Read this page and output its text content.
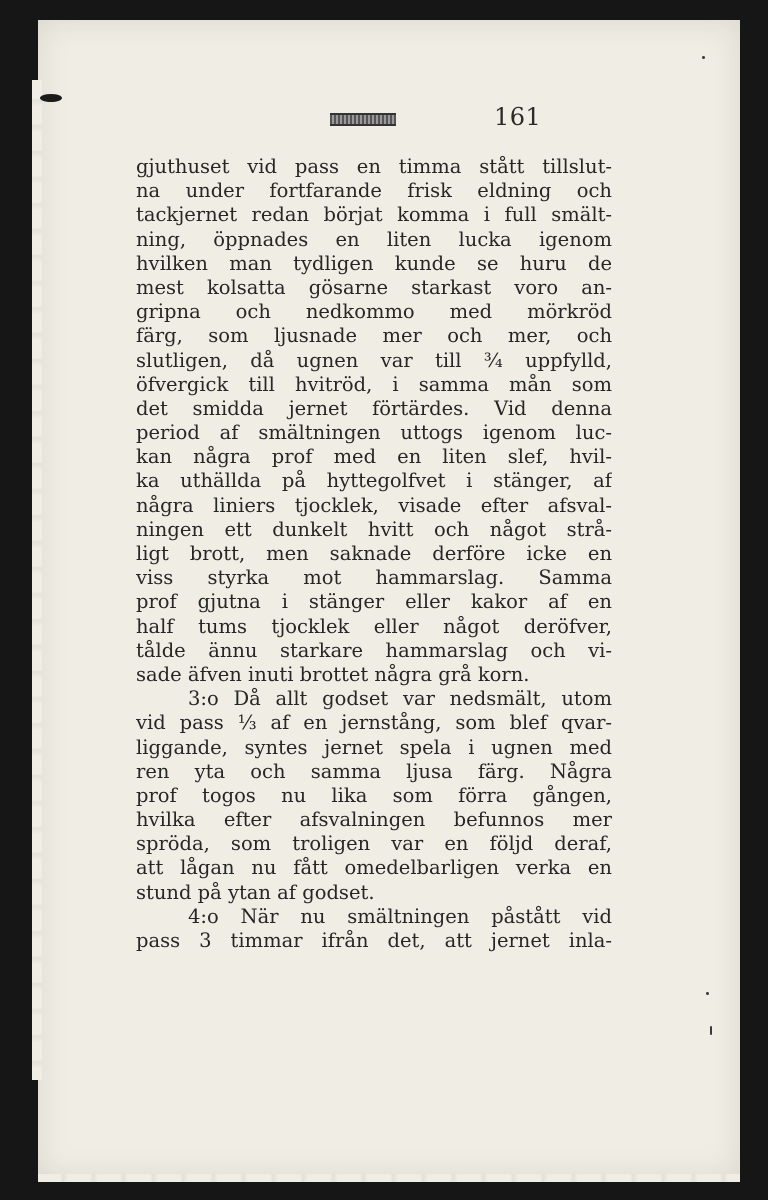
161
gjuthuset vid pass en timma stått tillslut-
na under fortfarande frisk eldning och
tackjernet redan börjat komma i full smält-
ning, öppnades en liten lucka igenom
hvilken man tydligen kunde se huru de
mest kolsatta gösarne starkast voro an-
gripna och nedkommo med mörkröd
färg, som ljusnade mer och mer, och
slutligen, då ugnen var till ¾ uppfylld,
öfvergick till hvitröd, i samma mån som
det smidda jernet förtärdes. Vid denna
period af smältningen uttogs igenom luc-
kan några prof med en liten slef, hvil-
ka uthällda på hyttegolfvet i stänger, af
några liniers tjocklek, visade efter afsval-
ningen ett dunkelt hvitt och något strå-
ligt brott, men saknade derföre icke en
viss styrka mot hammarslag. Samma
prof gjutna i stänger eller kakor af en
half tums tjocklek eller något deröfver,
tålde ännu starkare hammarslag och vi-
sade äfven inuti brottet några grå korn.
3:o Då allt godset var nedsmält, utom
vid pass ⅓ af en jernstång, som blef qvar-
liggande, syntes jernet spela i ugnen med
ren yta och samma ljusa färg. Några
prof togos nu lika som förra gången,
hvilka efter afsvalningen befunnos mer
spröda, som troligen var en följd deraf,
att lågan nu fått omedelbarligen verka en
stund på ytan af godset.
4:o När nu smältningen påstått vid
pass 3 timmar ifrån det, att jernet inla-
